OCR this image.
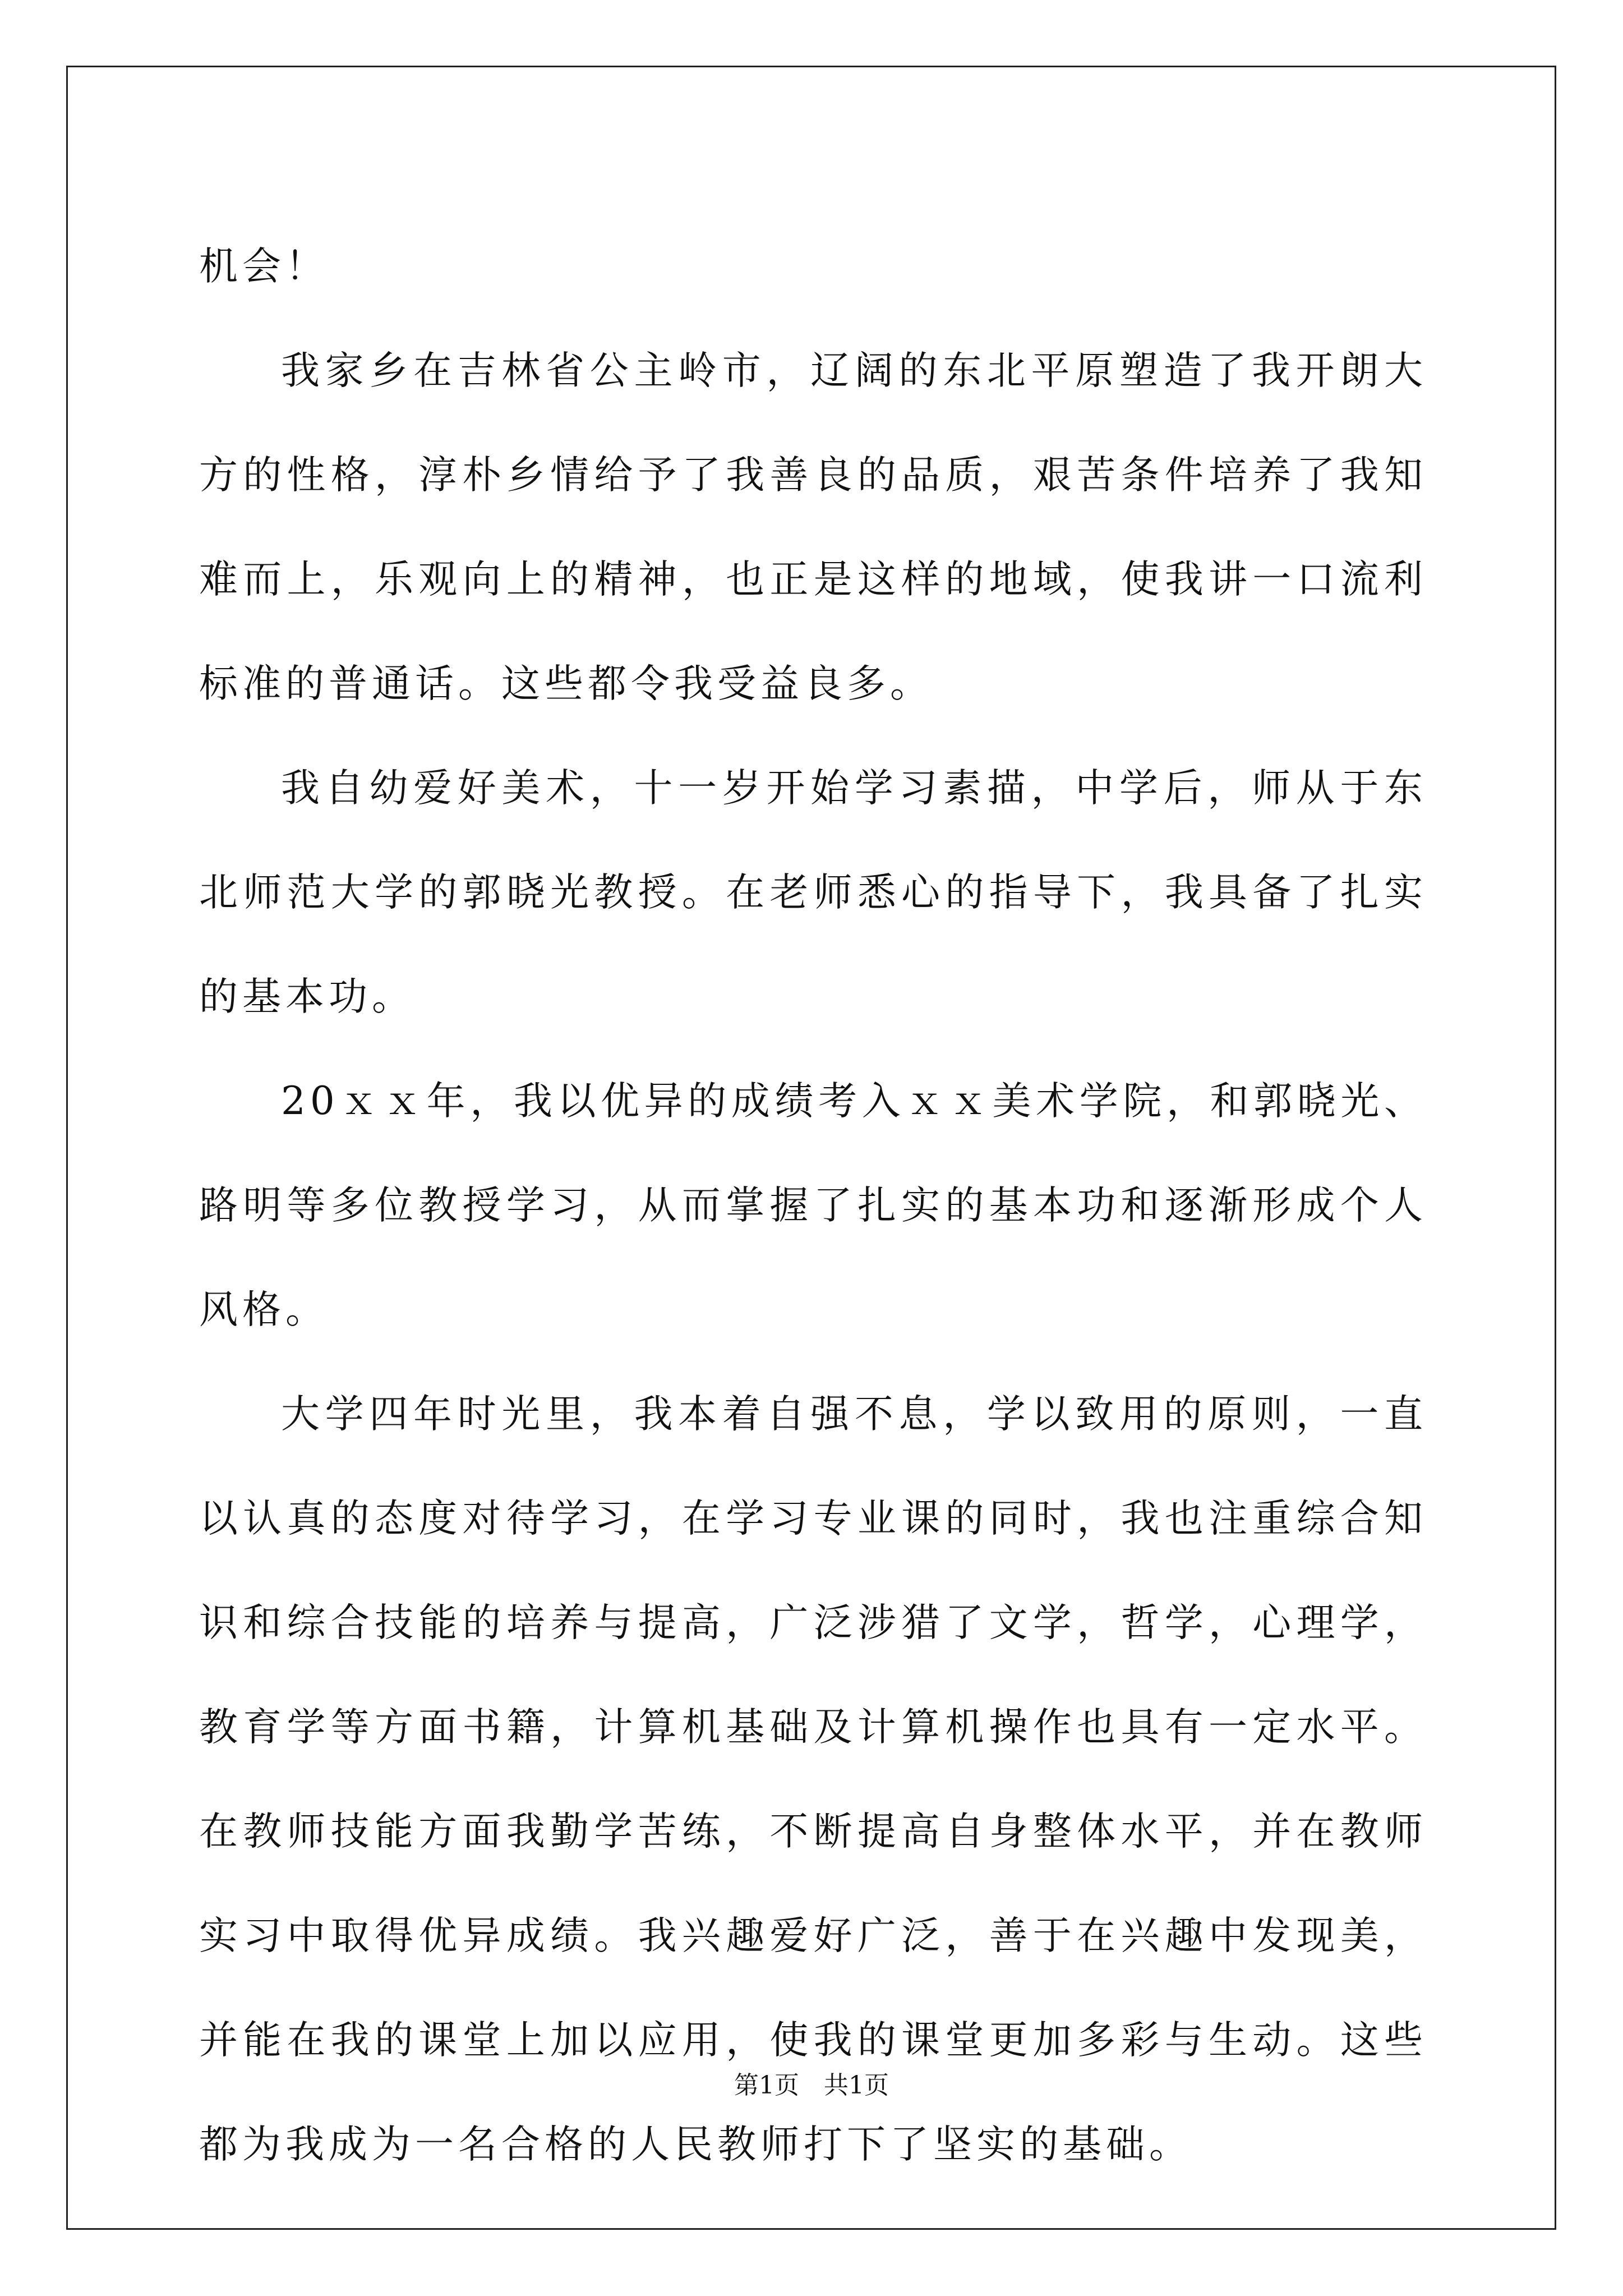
机会！

我家乡在吉林省公主岭市，辽阔的东北平原塑造了我开朗大方的性格，淳朴乡情给予了我善良的品质，艰苦条件培养了我知难而上，乐观向上的精神，也正是这样的地域，使我讲一口流利标准的普通话。这些都令我受益良多。

我自幼爱好美术，十一岁开始学习素描，中学后，师从于东北师范大学的郭晓光教授。在老师悉心的指导下，我具备了扎实的基本功。

20ｘｘ年，我以优异的成绩考入ｘｘ美术学院，和郭晓光、路明等多位教授学习，从而掌握了扎实的基本功和逐渐形成个人风格。

大学四年时光里，我本着自强不息，学以致用的原则，一直以认真的态度对待学习，在学习专业课的同时，我也注重综合知识和综合技能的培养与提高，广泛涉猎了文学，哲学，心理学，教育学等方面书籍，计算机基础及计算机操作也具有一定水平。在教师技能方面我勤学苦练，不断提高自身整体水平，并在教师实习中取得优异成绩。我兴趣爱好广泛，善于在兴趣中发现美，并能在我的课堂上加以应用，使我的课堂更加多彩与生动。这些都为我成为一名合格的人民教师打下了坚实的基础。

第1页 共1页
